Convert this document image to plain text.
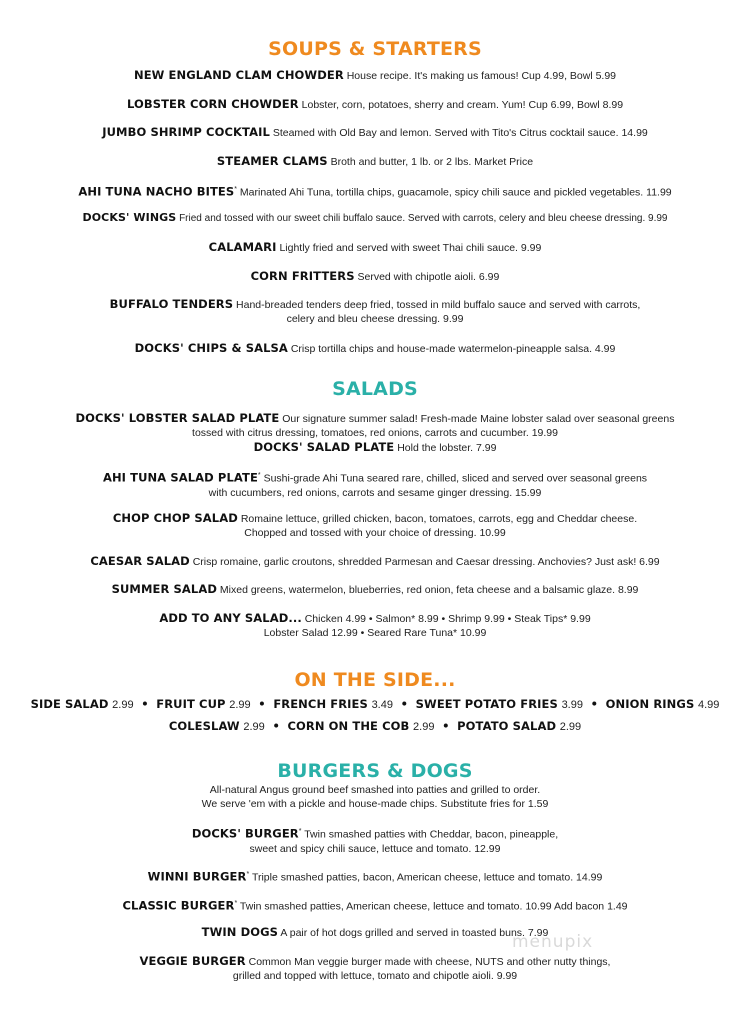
SOUPS & STARTERS
NEW ENGLAND CLAM CHOWDER House recipe. It's making us famous! Cup 4.99, Bowl 5.99
LOBSTER CORN CHOWDER Lobster, corn, potatoes, sherry and cream. Yum! Cup 6.99, Bowl 8.99
JUMBO SHRIMP COCKTAIL Steamed with Old Bay and lemon. Served with Tito's Citrus cocktail sauce. 14.99
STEAMER CLAMS Broth and butter, 1 lb. or 2 lbs. Market Price
AHI TUNA NACHO BITES* Marinated Ahi Tuna, tortilla chips, guacamole, spicy chili sauce and pickled vegetables. 11.99
DOCKS' WINGS Fried and tossed with our sweet chili buffalo sauce. Served with carrots, celery and bleu cheese dressing. 9.99
CALAMARI Lightly fried and served with sweet Thai chili sauce. 9.99
CORN FRITTERS Served with chipotle aioli. 6.99
BUFFALO TENDERS Hand-breaded tenders deep fried, tossed in mild buffalo sauce and served with carrots,
celery and bleu cheese dressing. 9.99
DOCKS' CHIPS & SALSA Crisp tortilla chips and house-made watermelon-pineapple salsa. 4.99
SALADS
DOCKS' LOBSTER SALAD PLATE Our signature summer salad! Fresh-made Maine lobster salad over seasonal greens
tossed with citrus dressing, tomatoes, red onions, carrots and cucumber. 19.99
DOCKS' SALAD PLATE Hold the lobster. 7.99
AHI TUNA SALAD PLATE* Sushi-grade Ahi Tuna seared rare, chilled, sliced and served over seasonal greens
with cucumbers, red onions, carrots and sesame ginger dressing. 15.99
CHOP CHOP SALAD Romaine lettuce, grilled chicken, bacon, tomatoes, carrots, egg and Cheddar cheese.
Chopped and tossed with your choice of dressing. 10.99
CAESAR SALAD Crisp romaine, garlic croutons, shredded Parmesan and Caesar dressing. Anchovies? Just ask! 6.99
SUMMER SALAD Mixed greens, watermelon, blueberries, red onion, feta cheese and a balsamic glaze. 8.99
ADD TO ANY SALAD... Chicken 4.99 • Salmon* 8.99 • Shrimp 9.99 • Steak Tips* 9.99
Lobster Salad 12.99 • Seared Rare Tuna* 10.99
ON THE SIDE...
SIDE SALAD 2.99 • FRUIT CUP 2.99 • FRENCH FRIES 3.49 • SWEET POTATO FRIES 3.99 • ONION RINGS 4.99
COLESLAW 2.99 • CORN ON THE COB 2.99 • POTATO SALAD 2.99
BURGERS & DOGS
All-natural Angus ground beef smashed into patties and grilled to order.
We serve 'em with a pickle and house-made chips. Substitute fries for 1.59
DOCKS' BURGER* Twin smashed patties with Cheddar, bacon, pineapple,
sweet and spicy chili sauce, lettuce and tomato. 12.99
WINNI BURGER* Triple smashed patties, bacon, American cheese, lettuce and tomato. 14.99
CLASSIC BURGER* Twin smashed patties, American cheese, lettuce and tomato. 10.99 Add bacon 1.49
TWIN DOGS A pair of hot dogs grilled and served in toasted buns. 7.99
VEGGIE BURGER Common Man veggie burger made with cheese, NUTS and other nutty things,
grilled and topped with lettuce, tomato and chipotle aioli. 9.99
menupix
